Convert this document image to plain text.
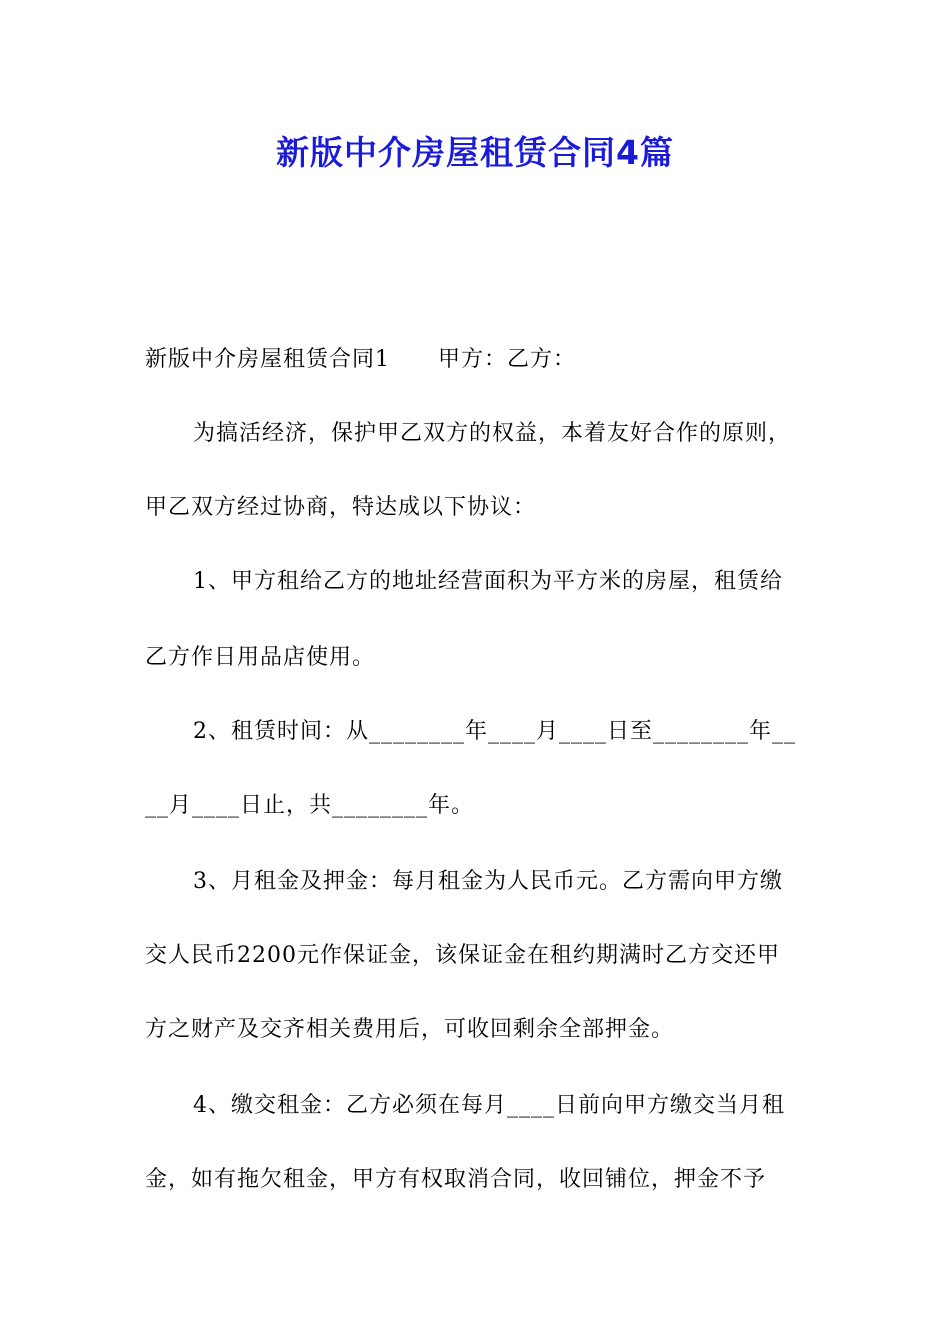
新版中介房屋租赁合同4篇
新版中介房屋租赁合同1 甲方：乙方：
为搞活经济，保护甲乙双方的权益，本着友好合作的原则，
甲乙双方经过协商，特达成以下协议：
1、甲方租给乙方的地址经营面积为平方米的房屋，租赁给
乙方作日用品店使用。
2、租赁时间：从________年____月____日至________年__
__月____日止，共________年。
3、月租金及押金：每月租金为人民币元。乙方需向甲方缴
交人民币2200元作保证金，该保证金在租约期满时乙方交还甲
方之财产及交齐相关费用后，可收回剩余全部押金。
4、缴交租金：乙方必须在每月____日前向甲方缴交当月租
金，如有拖欠租金，甲方有权取消合同，收回铺位，押金不予
